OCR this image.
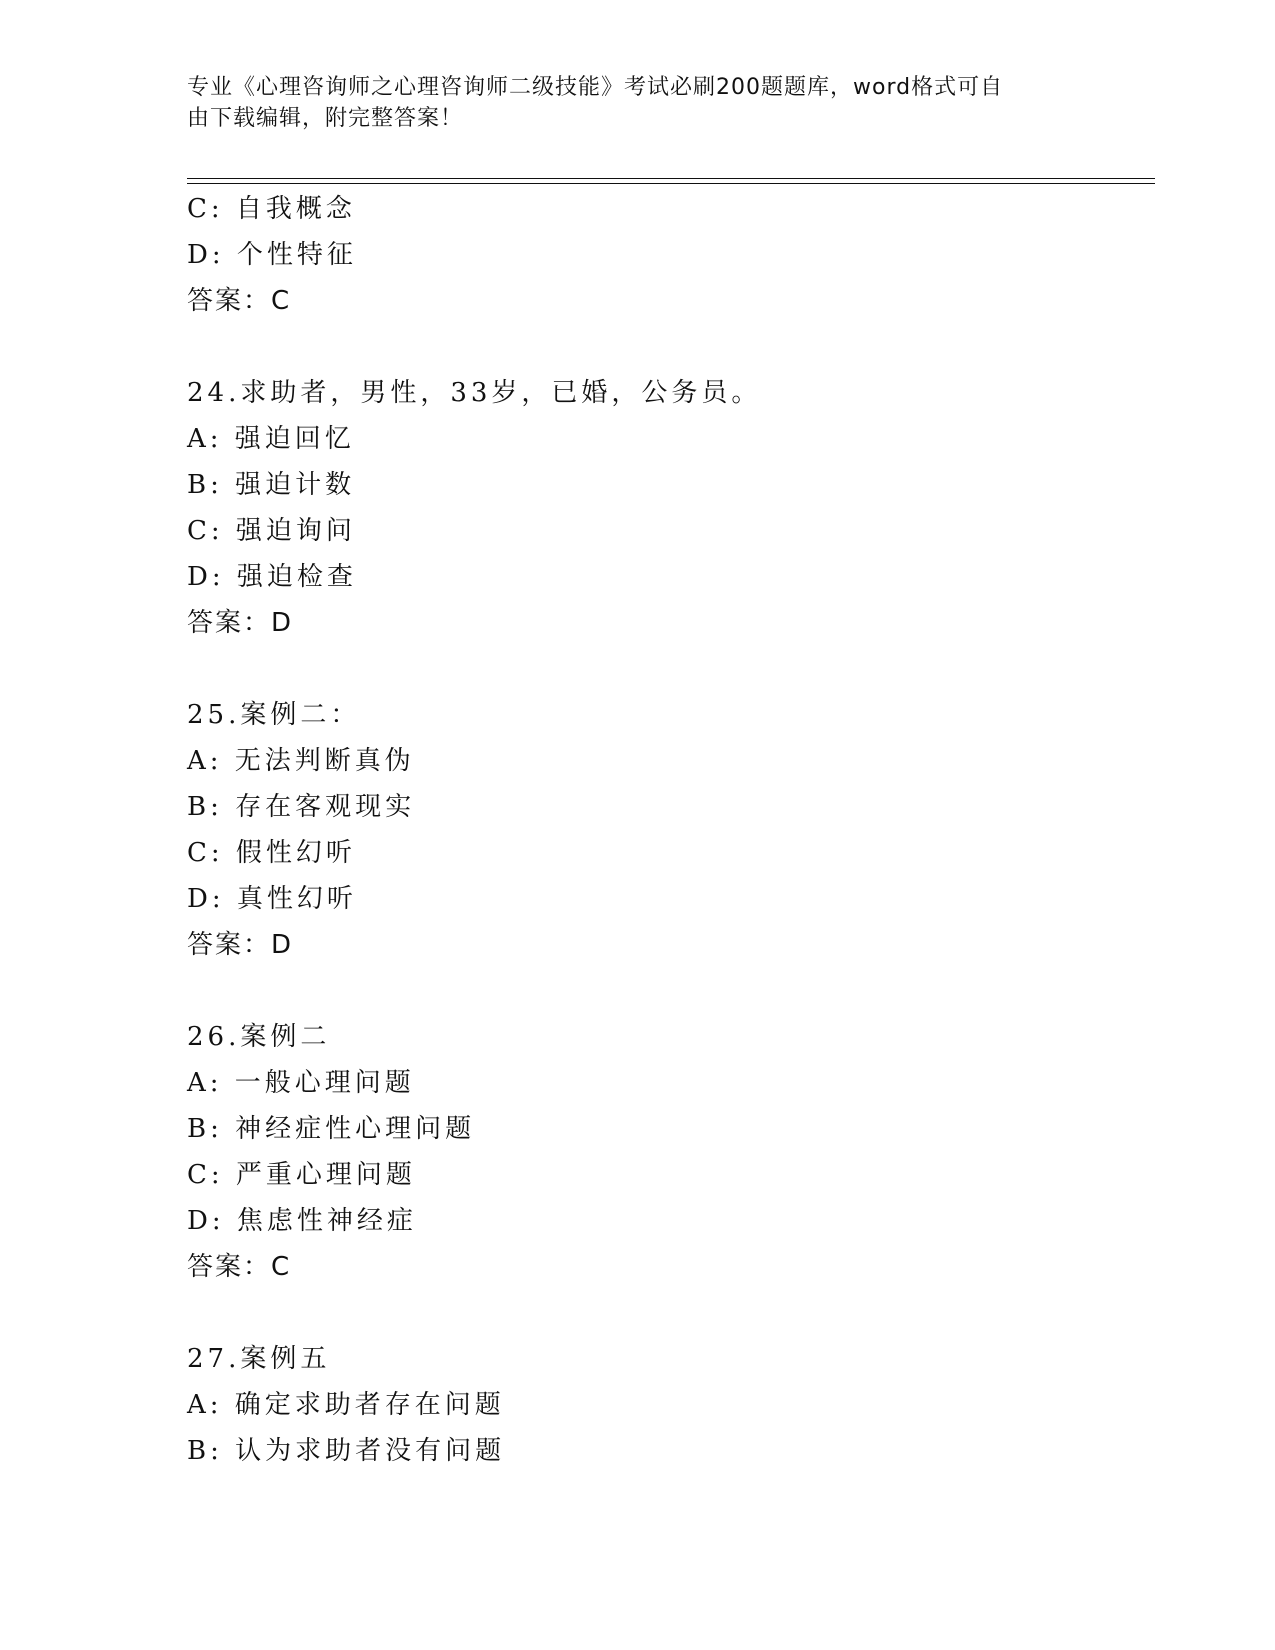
专业《心理咨询师之心理咨询师二级技能》考试必刷200题题库，word格式可自
由下载编辑，附完整答案！
C: 自我概念
D: 个性特征
答案：C
24.求助者，男性，33岁，已婚，公务员。
A: 强迫回忆
B: 强迫计数
C: 强迫询问
D: 强迫检查
答案：D
25.案例二：
A: 无法判断真伪
B: 存在客观现实
C: 假性幻听
D: 真性幻听
答案：D
26.案例二
A: 一般心理问题
B: 神经症性心理问题
C: 严重心理问题
D: 焦虑性神经症
答案：C
27.案例五
A: 确定求助者存在问题
B: 认为求助者没有问题
